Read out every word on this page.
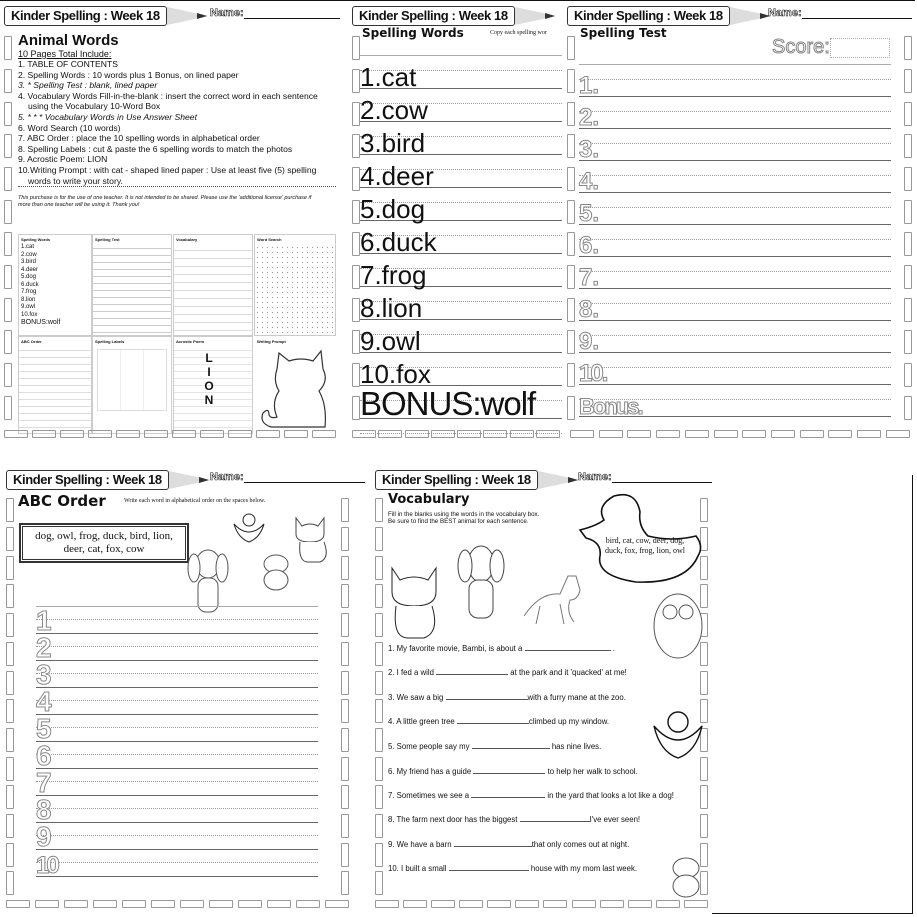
Kinder Spelling : Week 18	Name:
Animal Words
10 Pages Total Include:
1. TABLE OF CONTENTS
2. Spelling Words : 10 words plus 1 Bonus, on lined paper
3. * Spelling Test : blank, lined paper
4. Vocabulary Words Fill-in-the-blank : insert the correct word in each sentence using the Vocabulary 10-Word Box
5. * * * Vocabulary Words in Use Answer Sheet
6. Word Search (10 words)
7. ABC Order : place the 10 spelling words in alphabetical order
8. Spelling Labels : cut & paste the 6 spelling words to match the photos
9. Acrostic Poem: LION
10.Writing Prompt : with cat - shaped lined paper : Use at least five (5) spelling words to write your story.
This purchase is for the use of one teacher. It is not intended to be shared. Please use the 'additional license' purchase if more than one teacher will be using it. Thank you!
Spelling Words
1.cat
2.cow
3.bird
4.deer
5.dog
6.duck
7.frog
8.lion
9.owl
10.fox
BONUS:wolf
Spelling Test	Vocabulary	Word Search
ABC Order	Spelling Labels	Acrostic Poem
LION
Writing Prompt
Kinder Spelling : Week 18
Spelling Words	Copy each spelling wor
1.cat
2.cow
3.bird
4.deer
5.dog
6.duck
7.frog
8.lion
9.owl
10.fox
BONUS:wolf
Kinder Spelling : Week 18	Name:
Spelling Test
Score:
1.
2.
3.
4.
5.
6.
7.
8.
9.
10.
Bonus.
Kinder Spelling : Week 18	Name:
ABC Order	Write each word in alphabetical order on the spaces below.
dog, owl, frog, duck, bird, lion, deer, cat, fox, cow
1
2
3
4
5
6
7
8
9
10
Kinder Spelling : Week 18	Name:
Vocabulary
Fill in the blanks using the words in the vocabulary box.
Be sure to find the BEST animal for each sentence.
bird, cat, cow, deer, dog, duck, fox, frog, lion, owl
1. My favorite movie, Bambi, is about a	.
2. I fed a wild	at the park and it 'quacked' at me!
3. We saw a big	with a furry mane at the zoo.
4. A little green tree	climbed up my window.
5. Some people say my	has nine lives.
6. My friend has a guide	to help her walk to school.
7. Sometimes we see a	in the yard that looks a lot like a dog!
8. The farm next door has the biggest	I've ever seen!
9. We have a barn	that only comes out at night.
10. I built a small	house with my mom last week.
